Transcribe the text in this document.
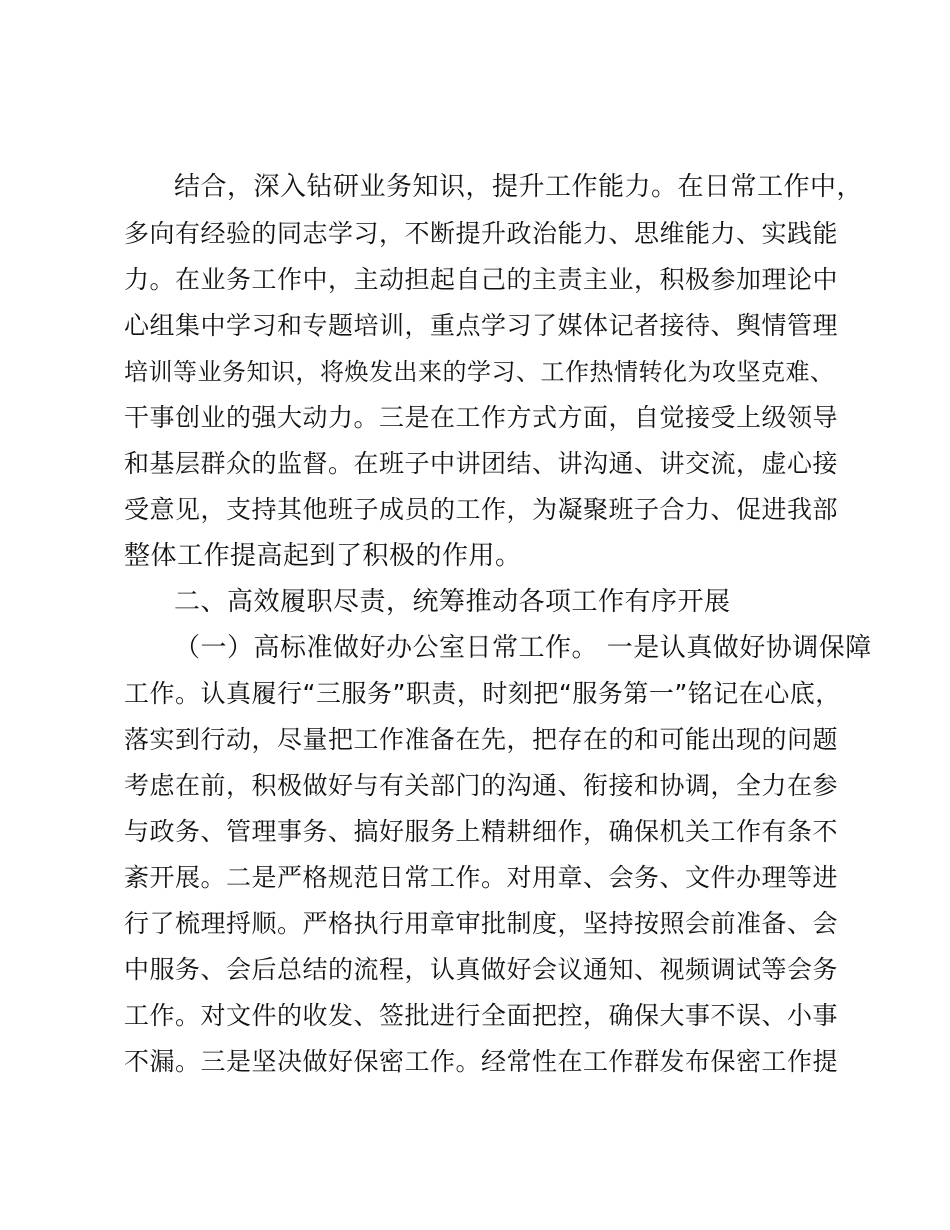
结合，深入钻研业务知识，提升工作能力。在日常工作中，
多向有经验的同志学习，不断提升政治能力、思维能力、实践能
力。在业务工作中，主动担起自己的主责主业，积极参加理论中
心组集中学习和专题培训，重点学习了媒体记者接待、舆情管理
培训等业务知识，将焕发出来的学习、工作热情转化为攻坚克难、
干事创业的强大动力。三是在工作方式方面，自觉接受上级领导
和基层群众的监督。在班子中讲团结、讲沟通、讲交流，虚心接
受意见，支持其他班子成员的工作，为凝聚班子合力、促进我部
整体工作提高起到了积极的作用。
二、高效履职尽责，统筹推动各项工作有序开展
（一）高标准做好办公室日常工作。 一是认真做好协调保障
工作。认真履行“三服务”职责，时刻把“服务第一”铭记在心底，
落实到行动，尽量把工作准备在先，把存在的和可能出现的问题
考虑在前，积极做好与有关部门的沟通、衔接和协调，全力在参
与政务、管理事务、搞好服务上精耕细作，确保机关工作有条不
紊开展。二是严格规范日常工作。对用章、会务、文件办理等进
行了梳理捋顺。严格执行用章审批制度，坚持按照会前准备、会
中服务、会后总结的流程，认真做好会议通知、视频调试等会务
工作。对文件的收发、签批进行全面把控，确保大事不误、小事
不漏。三是坚决做好保密工作。经常性在工作群发布保密工作提
